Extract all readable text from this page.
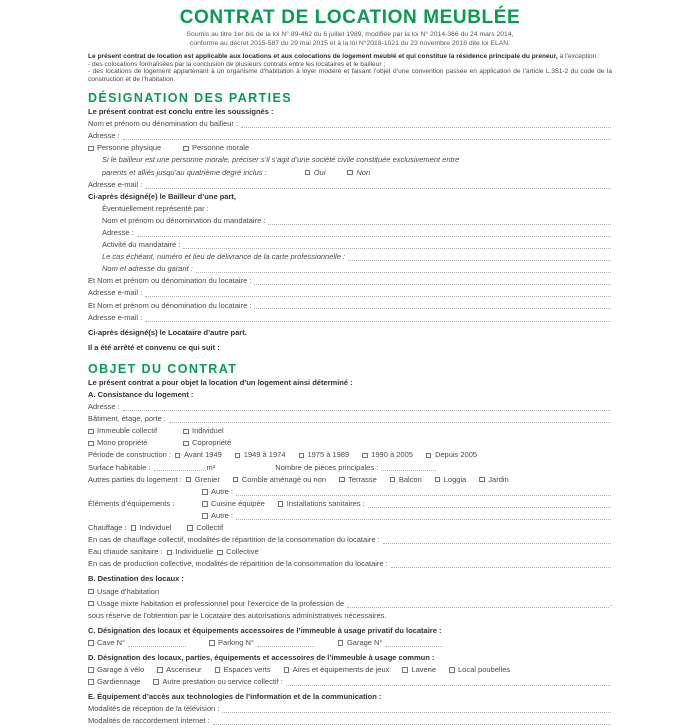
CONTRAT DE LOCATION MEUBLÉE
Soumis au titre 1er bis de la loi N° 89-462 du 6 juillet 1989, modifiée par la loi N° 2014-366 du 24 mars 2014,
conforme au décret 2015-587 du 29 mai 2015 et à la loi N°2018-1021 du 23 novembre 2018 dite loi ELAN.
Le présent contrat de location est applicable aux locations et aux colocations de logement meublé et qui constitue la résidence principale du preneur, à l’exception :
- des colocations formalisées par la conclusion de plusieurs contrats entre les locataires et le bailleur ;
- des locations de logement appartenant à un organisme d’habitation à loyer modéré et faisant l’objet d’une convention passée en application de l’article L.351-2 du code de la construction et de l’habitation.
DÉSIGNATION DES PARTIES
Le présent contrat est conclu entre les soussignés :
Nom et prénom ou dénomination du bailleur :
Adresse :
Personne physique	Personne morale
Si le bailleur est une personne morale, préciser s’il s’agit d’une société civile constituée exclusivement entre
parents et alliés jusqu’au quatrième degré inclus :	Oui	Non
Adresse e-mail :
Ci-après désigné(e) le Bailleur d’une part,
Éventuellement représenté par :
Nom et prénom ou dénomination du mandataire :
Adresse :
Activité du mandataire :
Le cas échéant, numéro et lieu de délivrance de la carte professionnelle :
Nom et adresse du garant :
Et Nom et prénom ou dénomination du locataire :
Adresse e-mail :
Et Nom et prénom ou dénomination du locataire :
Adresse e-mail :
Ci-après désigné(s) le Locataire d’autre part.
Il a été arrêté et convenu ce qui suit :
OBJET DU CONTRAT
Le présent contrat a pour objet la location d’un logement ainsi déterminé :
A. Consistance du logement :
Adresse :
Bâtiment, étage, porte :
Immeuble collectif	Individuel
Mono propriété	Copropriété
Période de construction : Avant 1949	1949 à 1974	1975 à 1989	1990 à 2005	Depuis 2005
Surface habitable :	m²	Nombre de pièces principales :
Autres parties du logement : Grenier	Comble aménagé ou non	Terrasse	Balcon	Loggia	Jardin
Autre :
Éléments d’équipements :	Cuisine équipée	Installations sanitaires :
Autre :
Chauffage : Individuel	Collectif
En cas de chauffage collectif, modalités de répartition de la consommation du locataire :
Eau chaude sanitaire : Individuelle Collective
En cas de production collective, modalités de répartition de la consommation du locataire :
B. Destination des locaux :
Usage d’habitation
Usage mixte habitation et professionnel pour l’exercice de la profession de	.
sous réserve de l’obtention par le Locataire des autorisations administratives nécessaires.
C. Désignation des locaux et équipements accessoires de l’immeuble à usage privatif du locataire :
Cave N°	Parking N°	Garage N°
D. Désignation des locaux, parties, équipements et accessoires de l’immeuble à usage commun :
Garage à vélo	Ascenseur	Espaces verts	Aires et équipements de jeux	Laverie	Local poubelles
Gardiennage	Autre prestation ou service collectif :
E. Équipement d’accès aux technologies de l’information et de la communication :
Modalités de réception de la télévision :
Modalités de raccordement internet :
